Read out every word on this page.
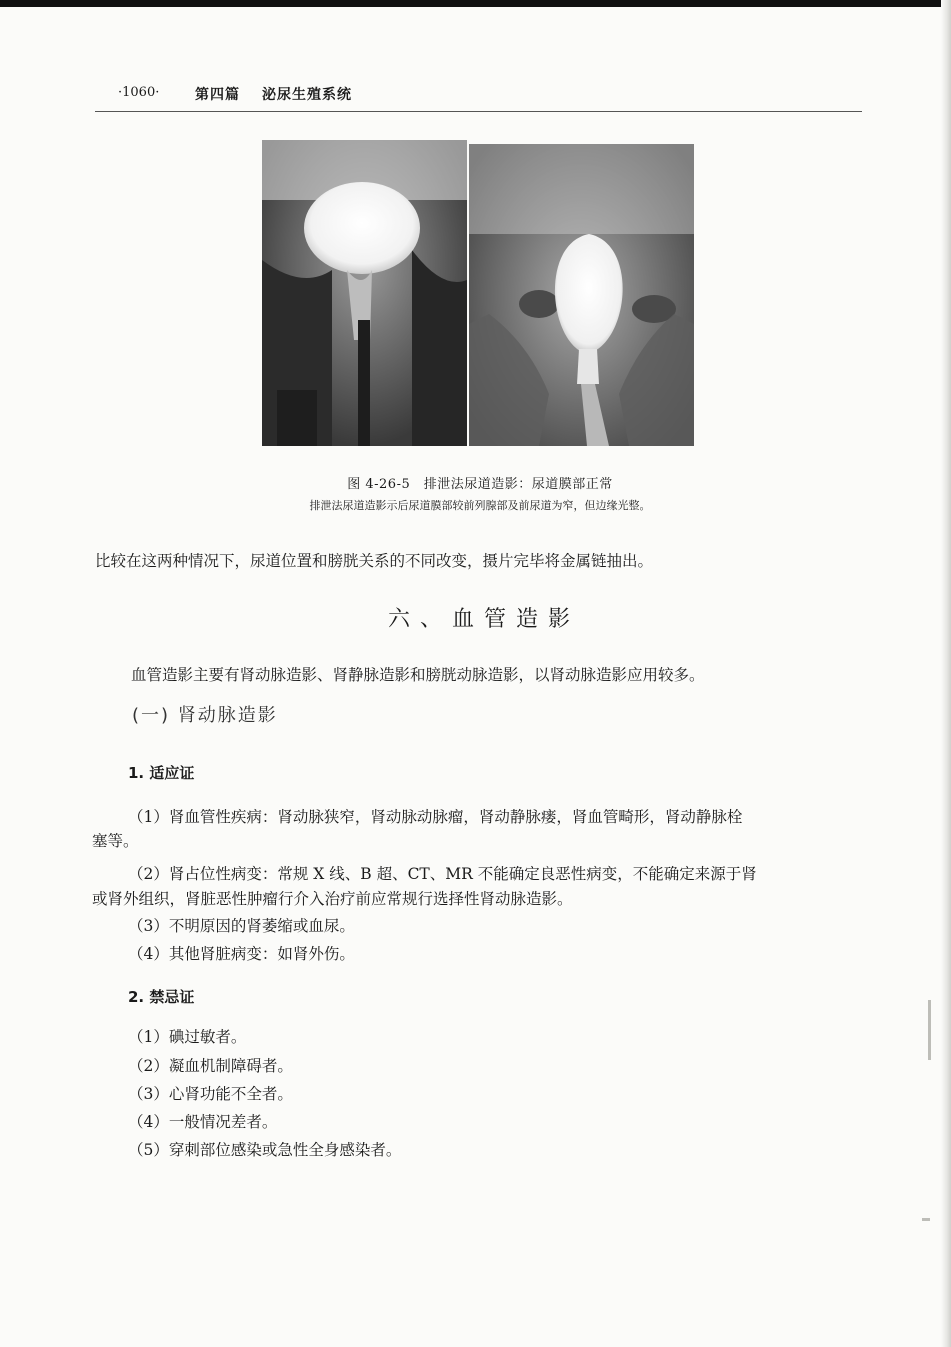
·1060·	第四篇 泌尿生殖系统
图 4-26-5　排泄法尿道造影：尿道膜部正常
排泄法尿道造影示后尿道膜部较前列腺部及前尿道为窄，但边缘光整。
比较在这两种情况下，尿道位置和膀胱关系的不同改变，摄片完毕将金属链抽出。
六、血管造影
血管造影主要有肾动脉造影、肾静脉造影和膀胱动脉造影，以肾动脉造影应用较多。
(一) 肾动脉造影
1. 适应证
（1）肾血管性疾病：肾动脉狭窄，肾动脉动脉瘤，肾动静脉瘘，肾血管畸形，肾动静脉栓
塞等。
（2）肾占位性病变：常规 X 线、B 超、CT、MR 不能确定良恶性病变，不能确定来源于肾
或肾外组织，肾脏恶性肿瘤行介入治疗前应常规行选择性肾动脉造影。
（3）不明原因的肾萎缩或血尿。
（4）其他肾脏病变：如肾外伤。
2. 禁忌证
（1）碘过敏者。
（2）凝血机制障碍者。
（3）心肾功能不全者。
（4）一般情况差者。
（5）穿刺部位感染或急性全身感染者。
